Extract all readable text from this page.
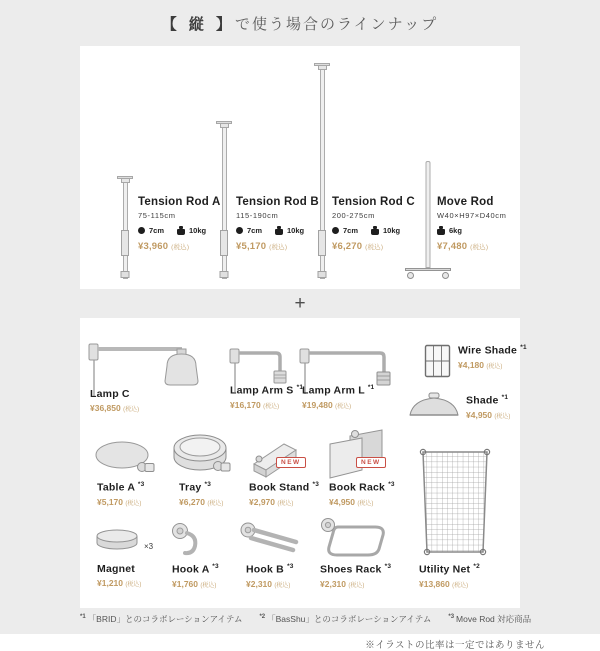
【 縦 】で使う場合のラインナップ
Tension Rod A
75-115cm
7cm	10kg
¥3,960 (税込)
Tension Rod B
115-190cm
7cm	10kg
¥5,170 (税込)
Tension Rod C
200-275cm
7cm	10kg
¥6,270 (税込)
Move Rod
W40×H97×D40cm
6kg
¥7,480 (税込)
+
Lamp C
¥36,850 (税込)
Lamp Arm S $^{*1}$
¥16,170 (税込)
Lamp Arm L $^{*1}$
¥19,480 (税込)
Wire Shade $^{*1}$
¥4,180 (税込)
Shade $^{*1}$
¥4,950 (税込)
NEW	NEW
Table A $^{*3}$
¥5,170 (税込)
Tray $^{*3}$
¥6,270 (税込)
Book Stand $^{*3}$
¥2,970 (税込)
Book Rack $^{*3}$
¥4,950 (税込)
×3
Magnet
¥1,210 (税込)
Hook A $^{*3}$
¥1,760 (税込)
Hook B $^{*3}$
¥2,310 (税込)
Shoes Rack $^{*3}$
¥2,310 (税込)
Utility Net $^{*2}$
¥13,860 (税込)
$^{*1}$ 「BRID」とのコラボレーションアイテム	$^{*2}$ 「BasShu」とのコラボレーションアイテム	$^{*3}$ Move Rod 対応商品
※イラストの比率は一定ではありません
